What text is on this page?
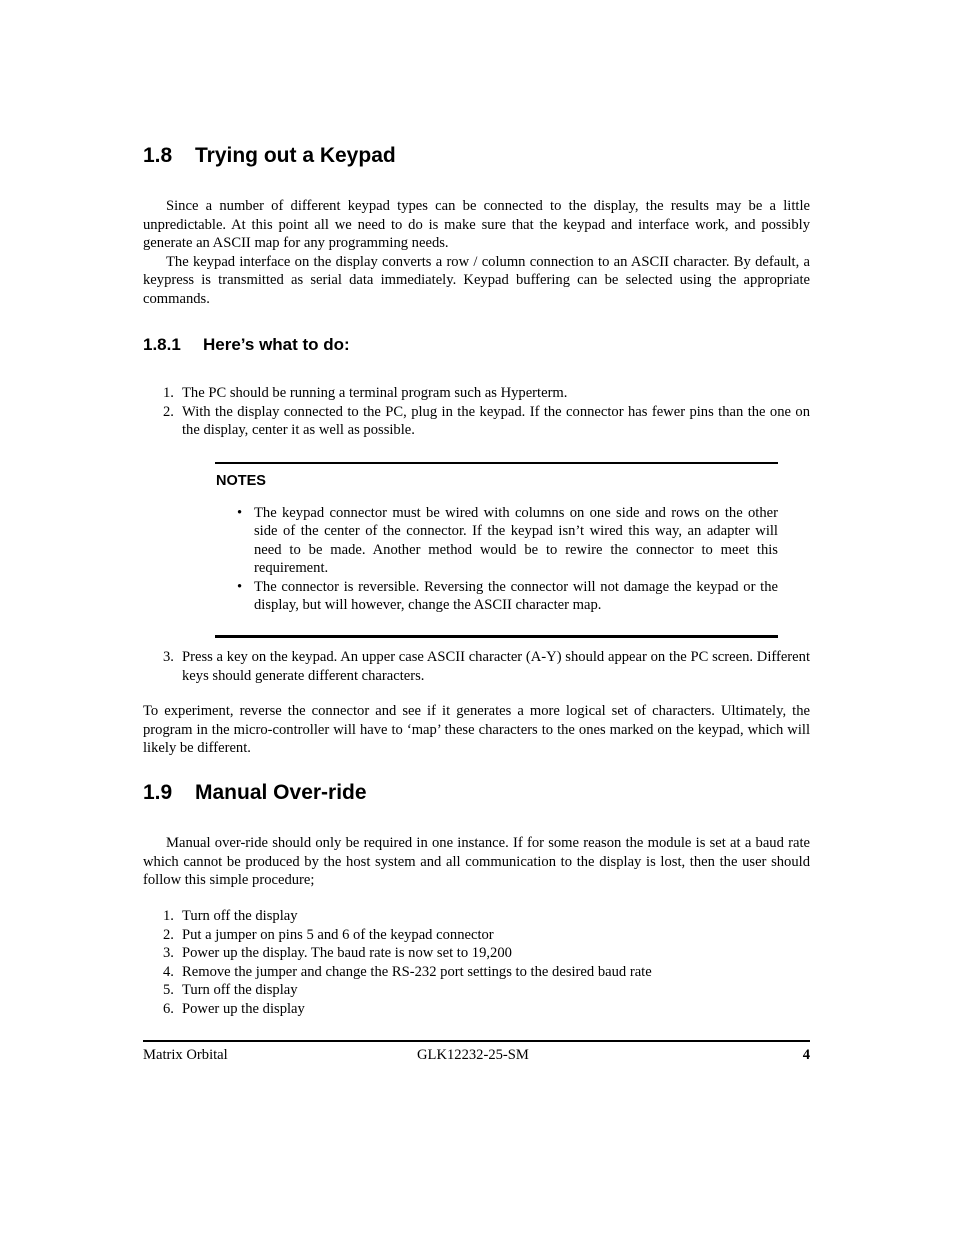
1.8 Trying out a Keypad

Since a number of different keypad types can be connected to the display, the results may be a little unpredictable. At this point all we need to do is make sure that the keypad and interface work, and possibly generate an ASCII map for any programming needs.

The keypad interface on the display converts a row / column connection to an ASCII character. By default, a keypress is transmitted as serial data immediately. Keypad buffering can be selected using the appropriate commands.

1.8.1 Here’s what to do:
1. The PC should be running a terminal program such as Hyperterm.
2. With the display connected to the PC, plug in the keypad. If the connector has fewer pins than the one on the display, center it as well as possible.
NOTES
• The keypad connector must be wired with columns on one side and rows on the other side of the center of the connector. If the keypad isn’t wired this way, an adapter will need to be made. Another method would be to rewire the connector to meet this requirement.
• The connector is reversible. Reversing the connector will not damage the keypad or the display, but will however, change the ASCII character map.
3. Press a key on the keypad. An upper case ASCII character (A-Y) should appear on the PC screen. Different keys should generate different characters.

To experiment, reverse the connector and see if it generates a more logical set of characters. Ultimately, the program in the micro-controller will have to ‘map’ these characters to the ones marked on the keypad, which will likely be different.

1.9 Manual Over-ride

Manual over-ride should only be required in one instance. If for some reason the module is set at a baud rate which cannot be produced by the host system and all communication to the display is lost, then the user should follow this simple procedure;

1. Turn off the display
2. Put a jumper on pins 5 and 6 of the keypad connector
3. Power up the display. The baud rate is now set to 19,200
4. Remove the jumper and change the RS-232 port settings to the desired baud rate
5. Turn off the display
6. Power up the display
Matrix Orbital	GLK12232-25-SM	4
